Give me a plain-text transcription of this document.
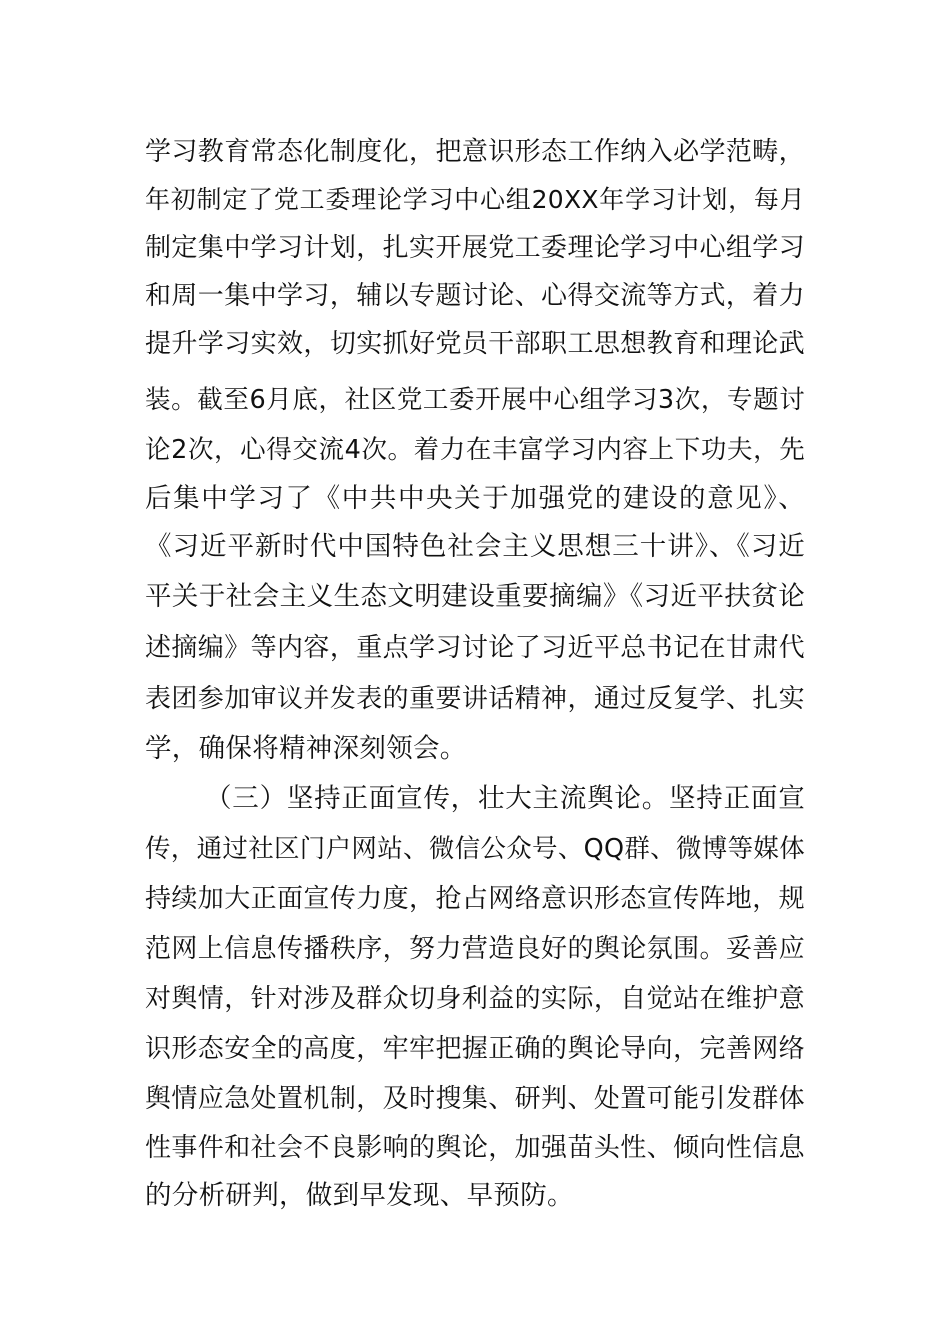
学习教育常态化制度化，把意识形态工作纳入必学范畴，
年初制定了党工委理论学习中心组20XX年学习计划，每月
制定集中学习计划，扎实开展党工委理论学习中心组学习
和周一集中学习，辅以专题讨论、心得交流等方式，着力
提升学习实效，切实抓好党员干部职工思想教育和理论武
装。截至6月底，社区党工委开展中心组学习3次，专题讨
论2次，心得交流4次。着力在丰富学习内容上下功夫，先
后集中学习了《中共中央关于加强党的建设的意见》、
《习近平新时代中国特色社会主义思想三十讲》、《习近
平关于社会主义生态文明建设重要摘编》《习近平扶贫论
述摘编》等内容，重点学习讨论了习近平总书记在甘肃代
表团参加审议并发表的重要讲话精神，通过反复学、扎实
学，确保将精神深刻领会。
（三）坚持正面宣传，壮大主流舆论。坚持正面宣
传，通过社区门户网站、微信公众号、QQ群、微博等媒体
持续加大正面宣传力度，抢占网络意识形态宣传阵地，规
范网上信息传播秩序，努力营造良好的舆论氛围。妥善应
对舆情，针对涉及群众切身利益的实际，自觉站在维护意
识形态安全的高度，牢牢把握正确的舆论导向，完善网络
舆情应急处置机制，及时搜集、研判、处置可能引发群体
性事件和社会不良影响的舆论，加强苗头性、倾向性信息
的分析研判，做到早发现、早预防。
